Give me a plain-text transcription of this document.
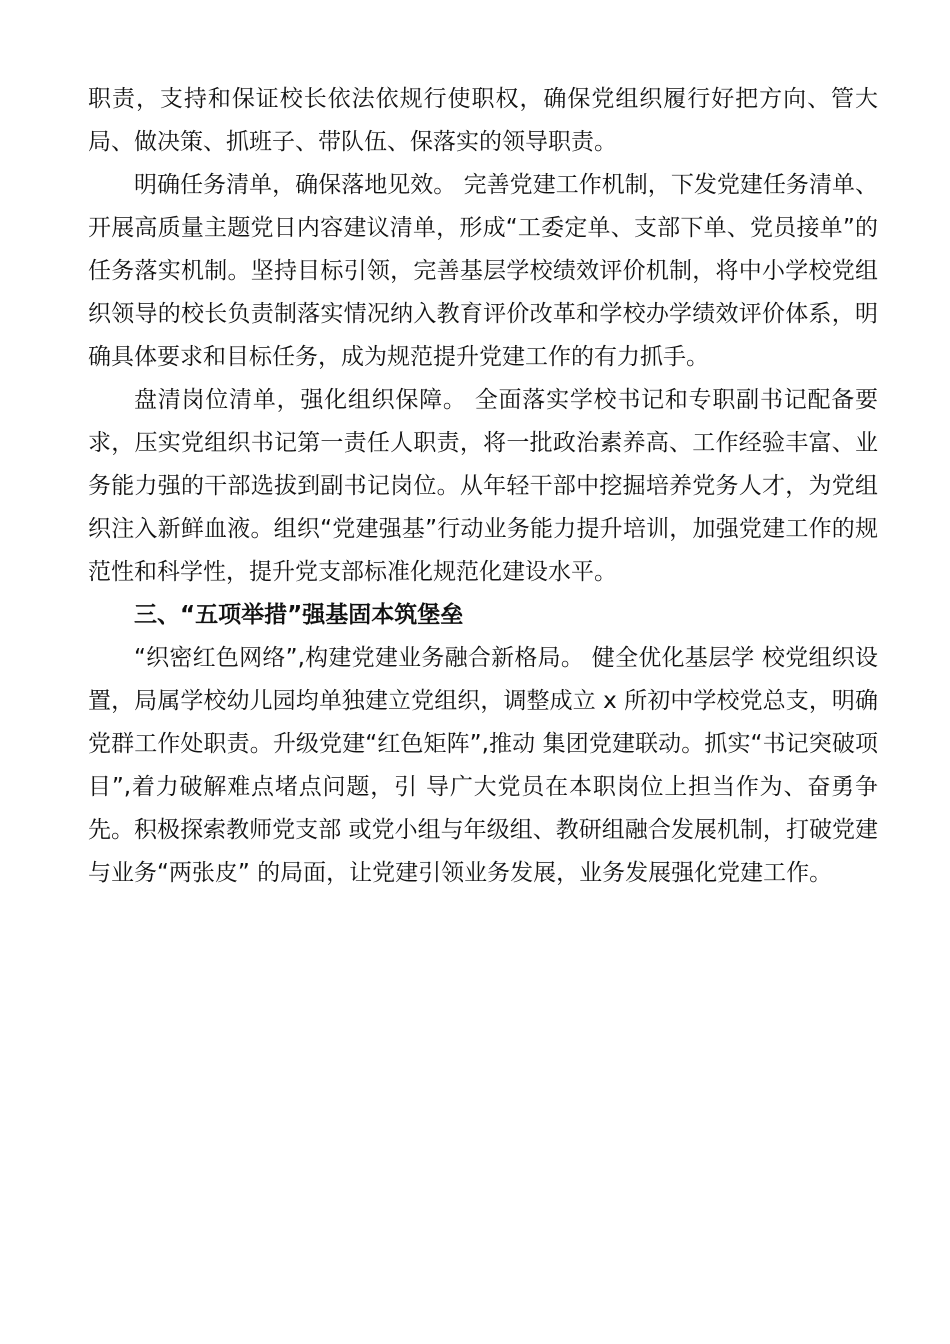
职责，支持和保证校长依法依规行使职权，确保党组织履行好把方向、管大局、做决策、抓班子、带队伍、保落实的领导职责。

明确任务清单，确保落地见效。 完善党建工作机制，下发党建任务清单、开展高质量主题党日内容建议清单，形成“工委定单、支部下单、党员接单”的任务落实机制。坚持目标引领，完善基层学校绩效评价机制，将中小学校党组织领导的校长负责制落实情况纳入教育评价改革和学校办学绩效评价体系，明确具体要求和目标任务，成为规范提升党建工作的有力抓手。

盘清岗位清单，强化组织保障。 全面落实学校书记和专职副书记配备要求，压实党组织书记第一责任人职责，将一批政治素养高、工作经验丰富、业务能力强的干部选拔到副书记岗位。从年轻干部中挖掘培养党务人才，为党组织注入新鲜血液。组织“党建强基”行动业务能力提升培训，加强党建工作的规范性和科学性，提升党支部标准化规范化建设水平。

三、“五项举措”强基固本筑堡垒

“织密红色网络”,构建党建业务融合新格局。 健全优化基层学 校党组织设置，局属学校幼儿园均单独建立党组织，调整成立 x 所初中学校党总支，明确党群工作处职责。升级党建“红色矩阵”,推动 集团党建联动。抓实“书记突破项目”,着力破解难点堵点问题，引 导广大党员在本职岗位上担当作为、奋勇争先。积极探索教师党支部 或党小组与年级组、教研组融合发展机制，打破党建与业务“两张皮” 的局面，让党建引领业务发展，业务发展强化党建工作。
